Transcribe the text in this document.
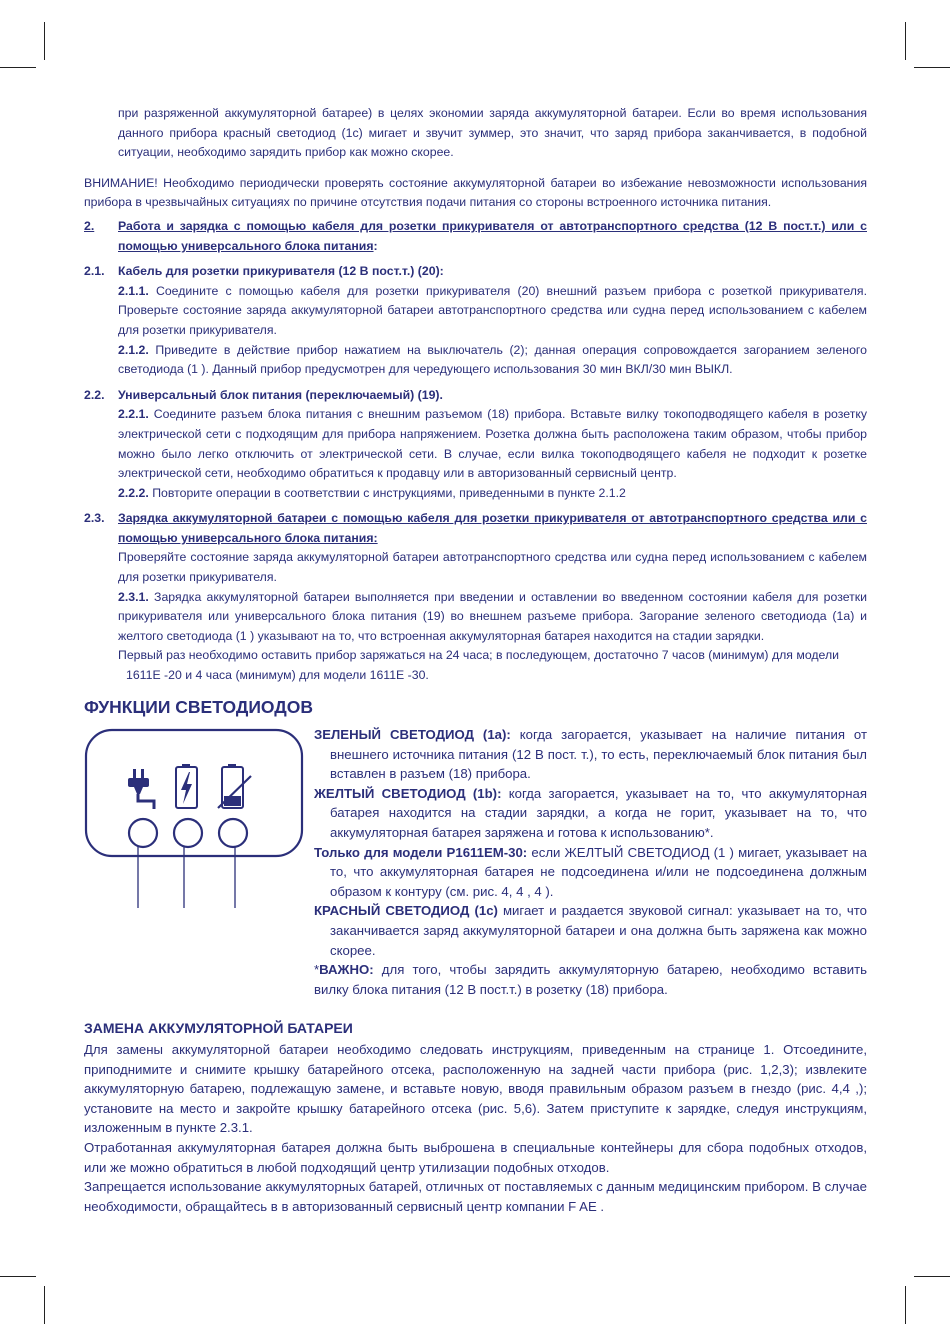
при разряженной аккумуляторной батарее) в целях экономии заряда аккумуляторной батареи. Если во время использования данного прибора красный светодиод (1c) мигает и звучит зуммер, это значит, что заряд прибора заканчивается, в подобной ситуации, необходимо зарядить прибор как можно скорее.

ВНИМАНИЕ! Необходимо периодически проверять состояние аккумуляторной батареи во избежание невозможности использования прибора в чрезвычайных ситуациях по причине отсутствия подачи питания со стороны встроенного источника питания.

2.	Работа и зарядка с помощью кабеля для розетки прикуривателя от автотранспортного средства (12 В пост.т.) или с помощью универсального блока питания:
2.1.	Кабель для розетки прикуривателя (12 В пост.т.) (20):

2.1.1. Соедините с помощью кабеля для розетки прикуривателя (20) внешний разъем прибора с розеткой прикуривателя. Проверьте состояние заряда аккумуляторной батареи автотранспортного средства или судна перед использованием с кабелем для розетки прикуривателя.

2.1.2. Приведите в действие прибор нажатием на выключатель (2); данная операция сопровождается загоранием зеленого светодиода (1 ). Данный прибор предусмотрен для чередующего использования 30 мин ВКЛ/30 мин ВЫКЛ.

2.2.	Универсальный блок питания (переключаемый) (19).

2.2.1. Соедините разъем блока питания с внешним разъемом (18) прибора. Вставьте вилку токоподводящего кабеля в розетку электрической сети с подходящим для прибора напряжением. Розетка должна быть расположена таким образом, чтобы прибор можно было легко отключить от электрической сети. В случае, если вилка токоподводящего кабеля не подходит к розетке электрической сети, необходимо обратиться к продавцу или в авторизованный сервисный центр.

2.2.2. Повторите операции в соответствии с инструкциями, приведенными в пункте 2.1.2

2.3.	Зарядка аккумуляторной батареи с помощью кабеля для розетки прикуривателя от автотранспортного средства или с помощью универсального блока питания:

Проверяйте состояние заряда аккумуляторной батареи автотранспортного средства или судна перед использованием с кабелем для розетки прикуривателя.

2.3.1. Зарядка аккумуляторной батареи выполняется при введении и оставлении во введенном состоянии кабеля для розетки прикуривателя или универсального блока питания (19) во внешнем разъеме прибора. Загорание зеленого светодиода (1a) и желтого светодиода (1 ) указывают на то, что встроенная аккумуляторная батарея находится на стадии зарядки.

Первый раз необходимо оставить прибор заряжаться на 24 часа; в последующем, достаточно 7 часов (минимум) для модели

1611E -20 и 4 часа (минимум) для модели 1611E -30.

ФУНКЦИИ СВЕТОДИОДОВ

ЗЕЛЕНЫЙ СВЕТОДИОД (1a): когда загорается, указывает на наличие питания от внешнего источника питания (12 В пост. т.), то есть, переключаемый блок питания был вставлен в разъем (18) прибора.

ЖЕЛТЫЙ СВЕТОДИОД (1b): когда загорается, указывает на то, что аккумуляторная батарея находится на стадии зарядки, а когда не горит, указывает на то, что аккумуляторная батарея заряжена и готова к использованию*.

Только для модели P1611EM-30: если ЖЕЛТЫЙ СВЕТОДИОД (1 ) мигает, указывает на то, что аккумуляторная батарея не подсоединена и/или не подсоединена должным образом к контуру (см. рис. 4, 4 , 4 ).

КРАСНЫЙ СВЕТОДИОД (1c) мигает и раздается звуковой сигнал: указывает на то, что заканчивается заряд аккумуляторной батареи и она должна быть заряжена как можно скорее.

*ВАЖНО: для того, чтобы зарядить аккумуляторную батарею, необходимо вставить вилку блока питания (12 В пост.т.) в розетку (18) прибора.

ЗАМЕНА АККУМУЛЯТОРНОЙ БАТАРЕИ

Для замены аккумуляторной батареи необходимо следовать инструкциям, приведенным на странице 1. Отсоедините, приподнимите и снимите крышку батарейного отсека, расположенную на задней части прибора (рис. 1,2,3); извлеките аккумуляторную батарею, подлежащую замене, и вставьте новую, вводя правильным образом разъем в гнездо (рис. 4,4 ,); установите на место и закройте крышку батарейного отсека (рис. 5,6). Затем приступите к зарядке, следуя инструкциям, изложенным в пункте 2.3.1.

Отработанная аккумуляторная батарея должна быть выброшена в специальные контейнеры для сбора подобных отходов, или же можно обратиться в любой подходящий центр утилизации подобных отходов.

Запрещается использование аккумуляторных батарей, отличных от поставляемых с данным медицинским прибором. В случае необходимости, обращайтесь в в авторизованный сервисный центр компании F AE .
